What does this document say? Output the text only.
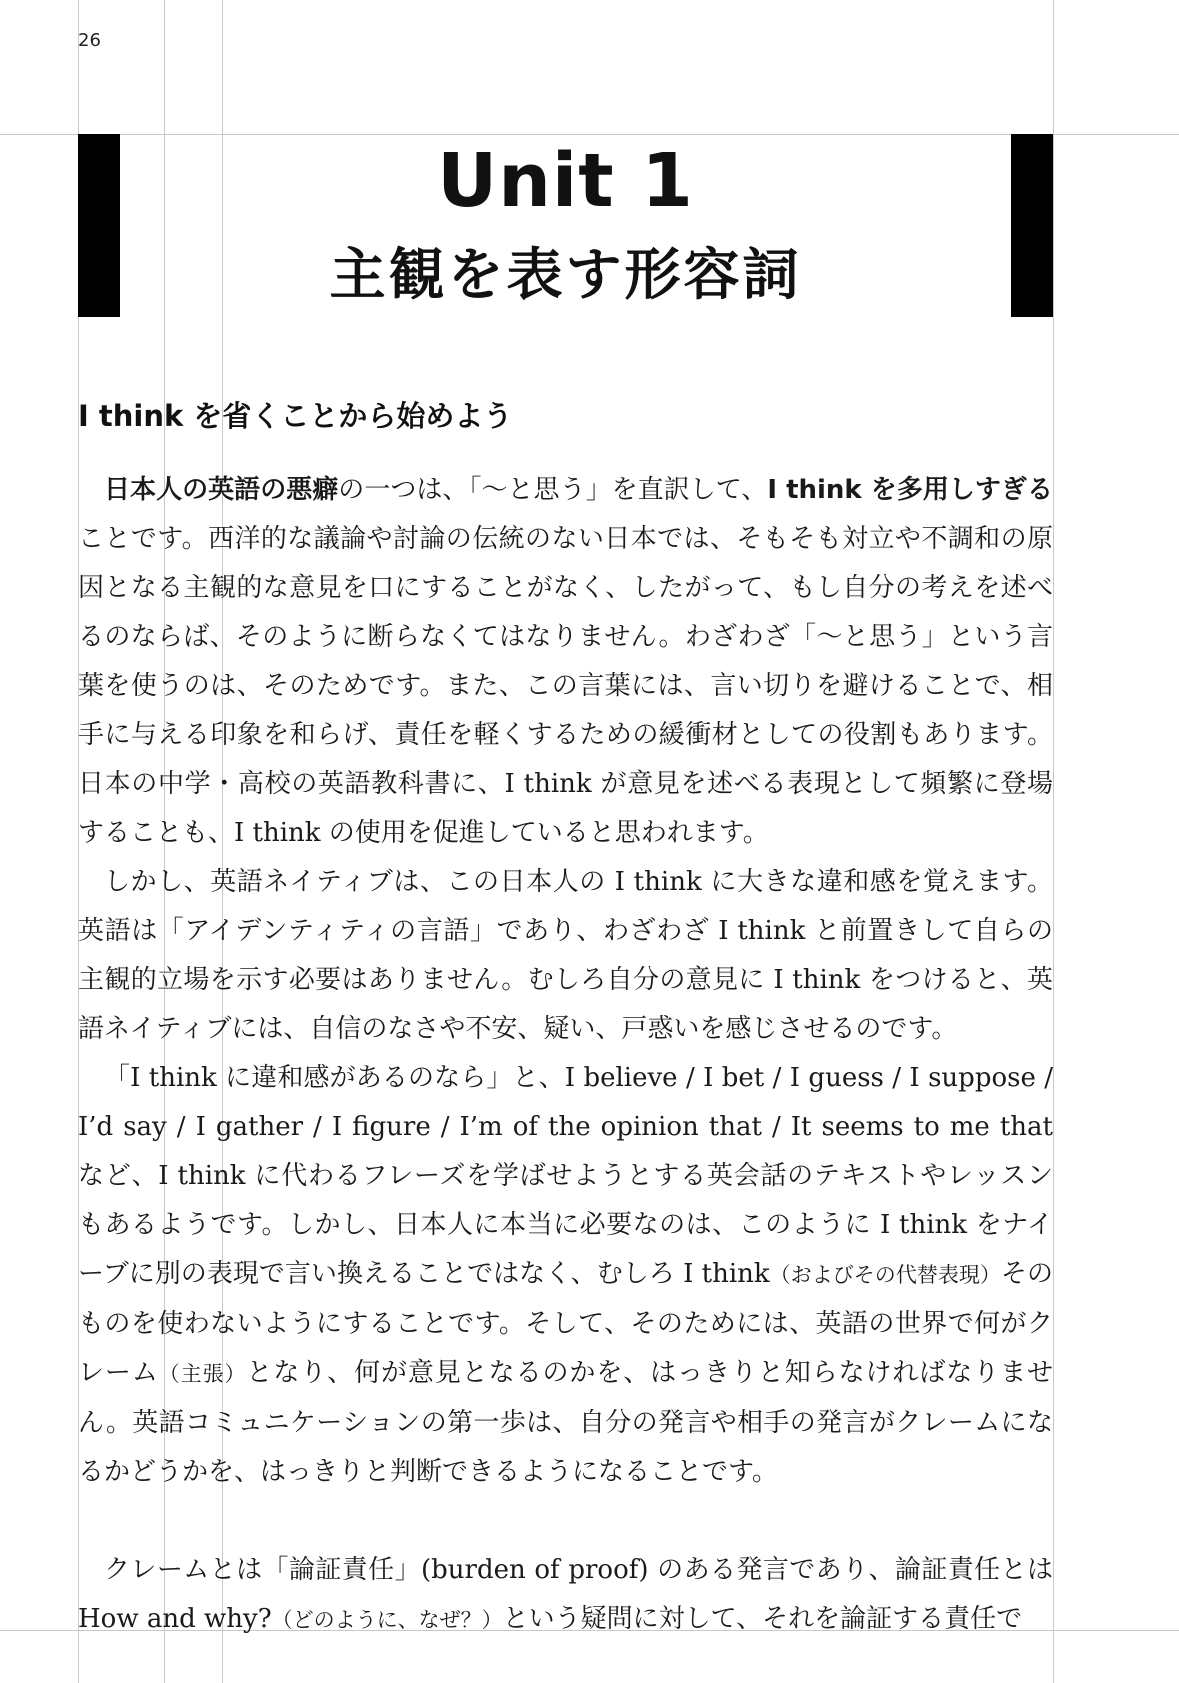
26
Unit 1
主観を表す形容詞
I think を省くことから始めよう

日本人の英語の悪癖の一つは、「〜と思う」を直訳して、I think を多用しすぎることです。西洋的な議論や討論の伝統のない日本では、そもそも対立や不調和の原因となる主観的な意見を口にすることがなく、したがって、もし自分の考えを述べるのならば、そのように断らなくてはなりません。わざわざ「〜と思う」という言葉を使うのは、そのためです。また、この言葉には、言い切りを避けることで、相手に与える印象を和らげ、責任を軽くするための緩衝材としての役割もあります。日本の中学・高校の英語教科書に、I think が意見を述べる表現として頻繁に登場することも、I think の使用を促進していると思われます。

しかし、英語ネイティブは、この日本人の I think に大きな違和感を覚えます。英語は「アイデンティティの言語」であり、わざわざ I think と前置きして自らの主観的立場を示す必要はありません。むしろ自分の意見に I think をつけると、英語ネイティブには、自信のなさや不安、疑い、戸惑いを感じさせるのです。

「I think に違和感があるのなら」と、I believe / I bet / I guess / I suppose / I’d say / I gather / I figure / I’m of the opinion that / It seems to me that など、I think に代わるフレーズを学ばせようとする英会話のテキストやレッスンもあるようです。しかし、日本人に本当に必要なのは、このように I think をナイーブに別の表現で言い換えることではなく、むしろ I think（およびその代替表現）そのものを使わないようにすることです。そして、そのためには、英語の世界で何がクレーム（主張）となり、何が意見となるのかを、はっきりと知らなければなりません。英語コミュニケーションの第一歩は、自分の発言や相手の発言がクレームになるかどうかを、はっきりと判断できるようになることです。

クレームとは「論証責任」(burden of proof) のある発言であり、論証責任とは How and why?（どのように、なぜ？）という疑問に対して、それを論証する責任で
